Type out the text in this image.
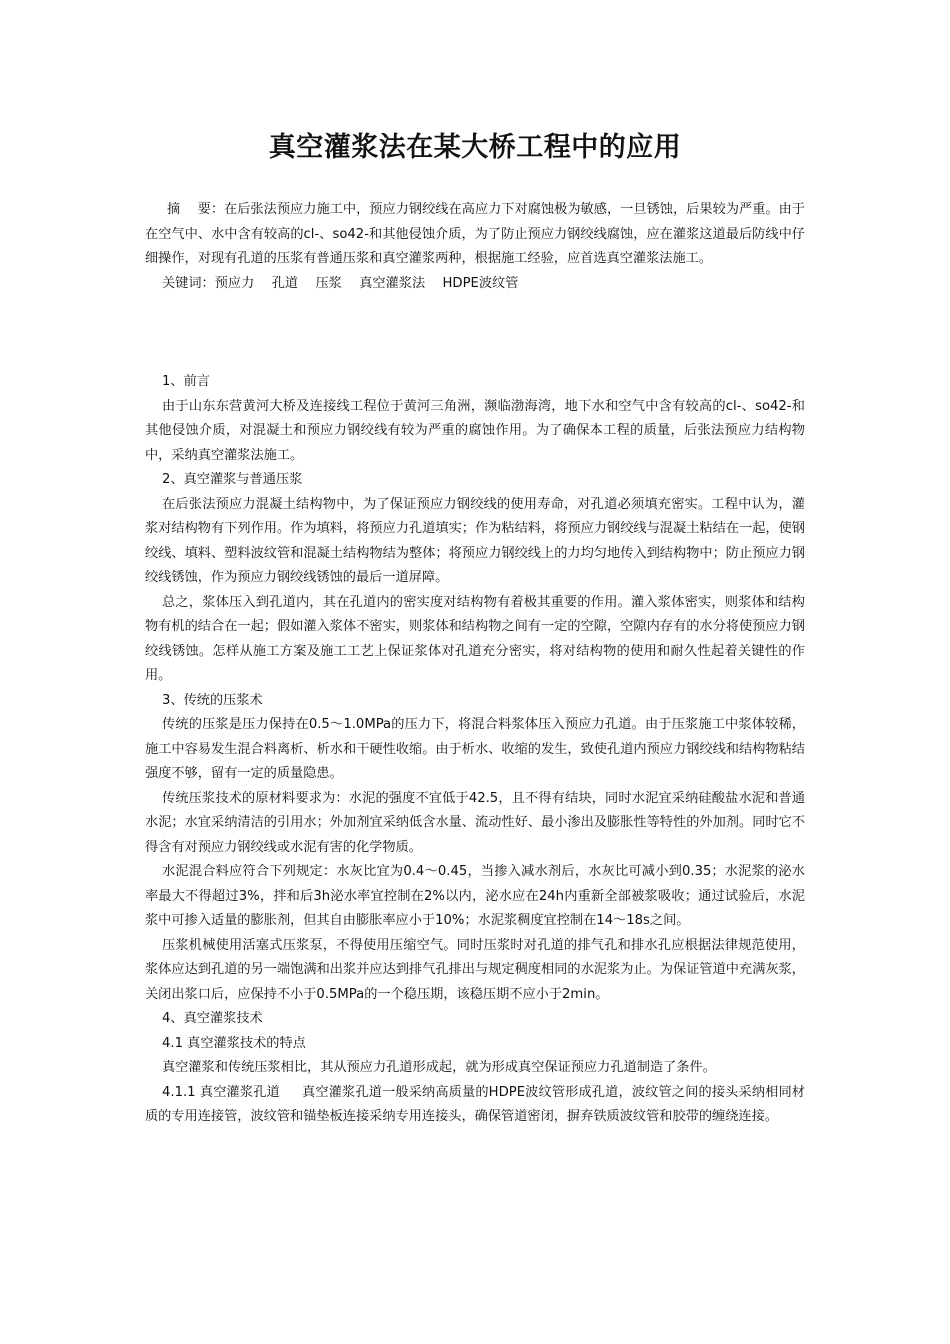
真空灌浆法在某大桥工程中的应用

摘　 要：在后张法预应力施工中，预应力钢绞线在高应力下对腐蚀极为敏感，一旦锈蚀，后果较为严重。由于在空气中、水中含有较高的cl-、so42-和其他侵蚀介质，为了防止预应力钢绞线腐蚀，应在灌浆这道最后防线中仔细操作，对现有孔道的压浆有普通压浆和真空灌浆两种，根据施工经验，应首选真空灌浆法施工。

关键词：预应力　 孔道　 压浆　 真空灌浆法　 HDPE波纹管

1、前言

由于山东东营黄河大桥及连接线工程位于黄河三角洲，濒临渤海湾，地下水和空气中含有较高的cl-、so42-和其他侵蚀介质，对混凝土和预应力钢绞线有较为严重的腐蚀作用。为了确保本工程的质量，后张法预应力结构物中，采纳真空灌浆法施工。

2、真空灌浆与普通压浆

在后张法预应力混凝土结构物中，为了保证预应力钢绞线的使用寿命，对孔道必须填充密实。工程中认为，灌浆对结构物有下列作用。作为填料，将预应力孔道填实；作为粘结料，将预应力钢绞线与混凝土粘结在一起，使钢绞线、填料、塑料波纹管和混凝土结构物结为整体；将预应力钢绞线上的力均匀地传入到结构物中；防止预应力钢绞线锈蚀，作为预应力钢绞线锈蚀的最后一道屏障。

总之，浆体压入到孔道内，其在孔道内的密实度对结构物有着极其重要的作用。灌入浆体密实，则浆体和结构物有机的结合在一起；假如灌入浆体不密实，则浆体和结构物之间有一定的空隙，空隙内存有的水分将使预应力钢绞线锈蚀。怎样从施工方案及施工工艺上保证浆体对孔道充分密实，将对结构物的使用和耐久性起着关键性的作用。

3、传统的压浆术

传统的压浆是压力保持在0.5～1.0MPa的压力下，将混合料浆体压入预应力孔道。由于压浆施工中浆体较稀，施工中容易发生混合料离析、析水和干硬性收缩。由于析水、收缩的发生，致使孔道内预应力钢绞线和结构物粘结强度不够，留有一定的质量隐患。

传统压浆技术的原材料要求为：水泥的强度不宜低于42.5，且不得有结块，同时水泥宜采纳硅酸盐水泥和普通水泥；水宜采纳清洁的引用水；外加剂宜采纳低含水量、流动性好、最小渗出及膨胀性等特性的外加剂。同时它不得含有对预应力钢绞线或水泥有害的化学物质。

水泥混合料应符合下列规定：水灰比宜为0.4～0.45，当掺入减水剂后，水灰比可减小到0.35；水泥浆的泌水率最大不得超过3%，拌和后3h泌水率宜控制在2%以内，泌水应在24h内重新全部被浆吸收；通过试验后，水泥浆中可掺入适量的膨胀剂，但其自由膨胀率应小于10%；水泥浆稠度宜控制在14～18s之间。

压浆机械使用活塞式压浆泵，不得使用压缩空气。同时压浆时对孔道的排气孔和排水孔应根据法律规范使用，浆体应达到孔道的另一端饱满和出浆并应达到排气孔排出与规定稠度相同的水泥浆为止。为保证管道中充满灰浆，关闭出浆口后，应保持不小于0.5MPa的一个稳压期，该稳压期不应小于2min。

4、真空灌浆技术

4.1 真空灌浆技术的特点

真空灌浆和传统压浆相比，其从预应力孔道形成起，就为形成真空保证预应力孔道制造了条件。

4.1.1 真空灌浆孔道 真空灌浆孔道一般采纳高质量的HDPE波纹管形成孔道，波纹管之间的接头采纳相同材质的专用连接管，波纹管和锚垫板连接采纳专用连接头，确保管道密闭，摒弃铁质波纹管和胶带的缠绕连接。
